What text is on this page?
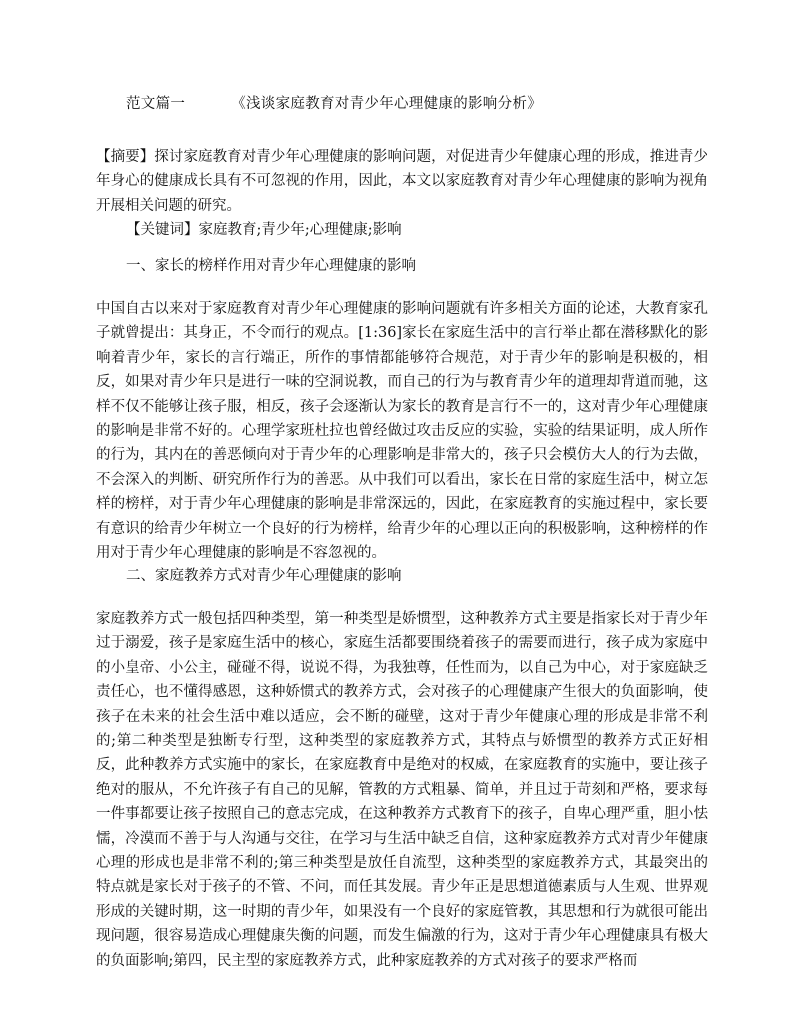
范文篇一	《浅谈家庭教育对青少年心理健康的影响分析》
【摘要】探讨家庭教育对青少年心理健康的影响问题，对促进青少年健康心理的形成，推进青少年身心的健康成长具有不可忽视的作用，因此，本文以家庭教育对青少年心理健康的影响为视角开展相关问题的研究。
【关键词】家庭教育;青少年;心理健康;影响
一、家长的榜样作用对青少年心理健康的影响
中国自古以来对于家庭教育对青少年心理健康的影响问题就有许多相关方面的论述，大教育家孔子就曾提出：其身正，不令而行的观点。[1:36]家长在家庭生活中的言行举止都在潜移默化的影响着青少年，家长的言行端正，所作的事情都能够符合规范，对于青少年的影响是积极的，相反，如果对青少年只是进行一味的空洞说教，而自己的行为与教育青少年的道理却背道而驰，这样不仅不能够让孩子服，相反，孩子会逐渐认为家长的教育是言行不一的，这对青少年心理健康的影响是非常不好的。心理学家班杜拉也曾经做过攻击反应的实验，实验的结果证明，成人所作的行为，其内在的善恶倾向对于青少年的心理影响是非常大的，孩子只会模仿大人的行为去做，不会深入的判断、研究所作行为的善恶。从中我们可以看出，家长在日常的家庭生活中，树立怎样的榜样，对于青少年心理健康的影响是非常深远的，因此，在家庭教育的实施过程中，家长要有意识的给青少年树立一个良好的行为榜样，给青少年的心理以正向的积极影响，这种榜样的作用对于青少年心理健康的影响是不容忽视的。
二、家庭教养方式对青少年心理健康的影响
家庭教养方式一般包括四种类型，第一种类型是娇惯型，这种教养方式主要是指家长对于青少年过于溺爱，孩子是家庭生活中的核心，家庭生活都要围绕着孩子的需要而进行，孩子成为家庭中的小皇帝、小公主，碰碰不得，说说不得，为我独尊，任性而为，以自己为中心，对于家庭缺乏责任心，也不懂得感恩，这种娇惯式的教养方式，会对孩子的心理健康产生很大的负面影响，使孩子在未来的社会生活中难以适应，会不断的碰壁，这对于青少年健康心理的形成是非常不利的;第二种类型是独断专行型，这种类型的家庭教养方式，其特点与娇惯型的教养方式正好相反，此种教养方式实施中的家长，在家庭教育中是绝对的权威，在家庭教育的实施中，要让孩子绝对的服从，不允许孩子有自己的见解，管教的方式粗暴、简单，并且过于苛刻和严格，要求每一件事都要让孩子按照自己的意志完成，在这种教养方式教育下的孩子，自卑心理严重，胆小怯懦，冷漠而不善于与人沟通与交往，在学习与生活中缺乏自信，这种家庭教养方式对青少年健康心理的形成也是非常不利的;第三种类型是放任自流型，这种类型的家庭教养方式，其最突出的特点就是家长对于孩子的不管、不问，而任其发展。青少年正是思想道德素质与人生观、世界观形成的关键时期，这一时期的青少年，如果没有一个良好的家庭管教，其思想和行为就很可能出现问题，很容易造成心理健康失衡的问题，而发生偏激的行为，这对于青少年心理健康具有极大的负面影响;第四，民主型的家庭教养方式，此种家庭教养的方式对孩子的要求严格而
